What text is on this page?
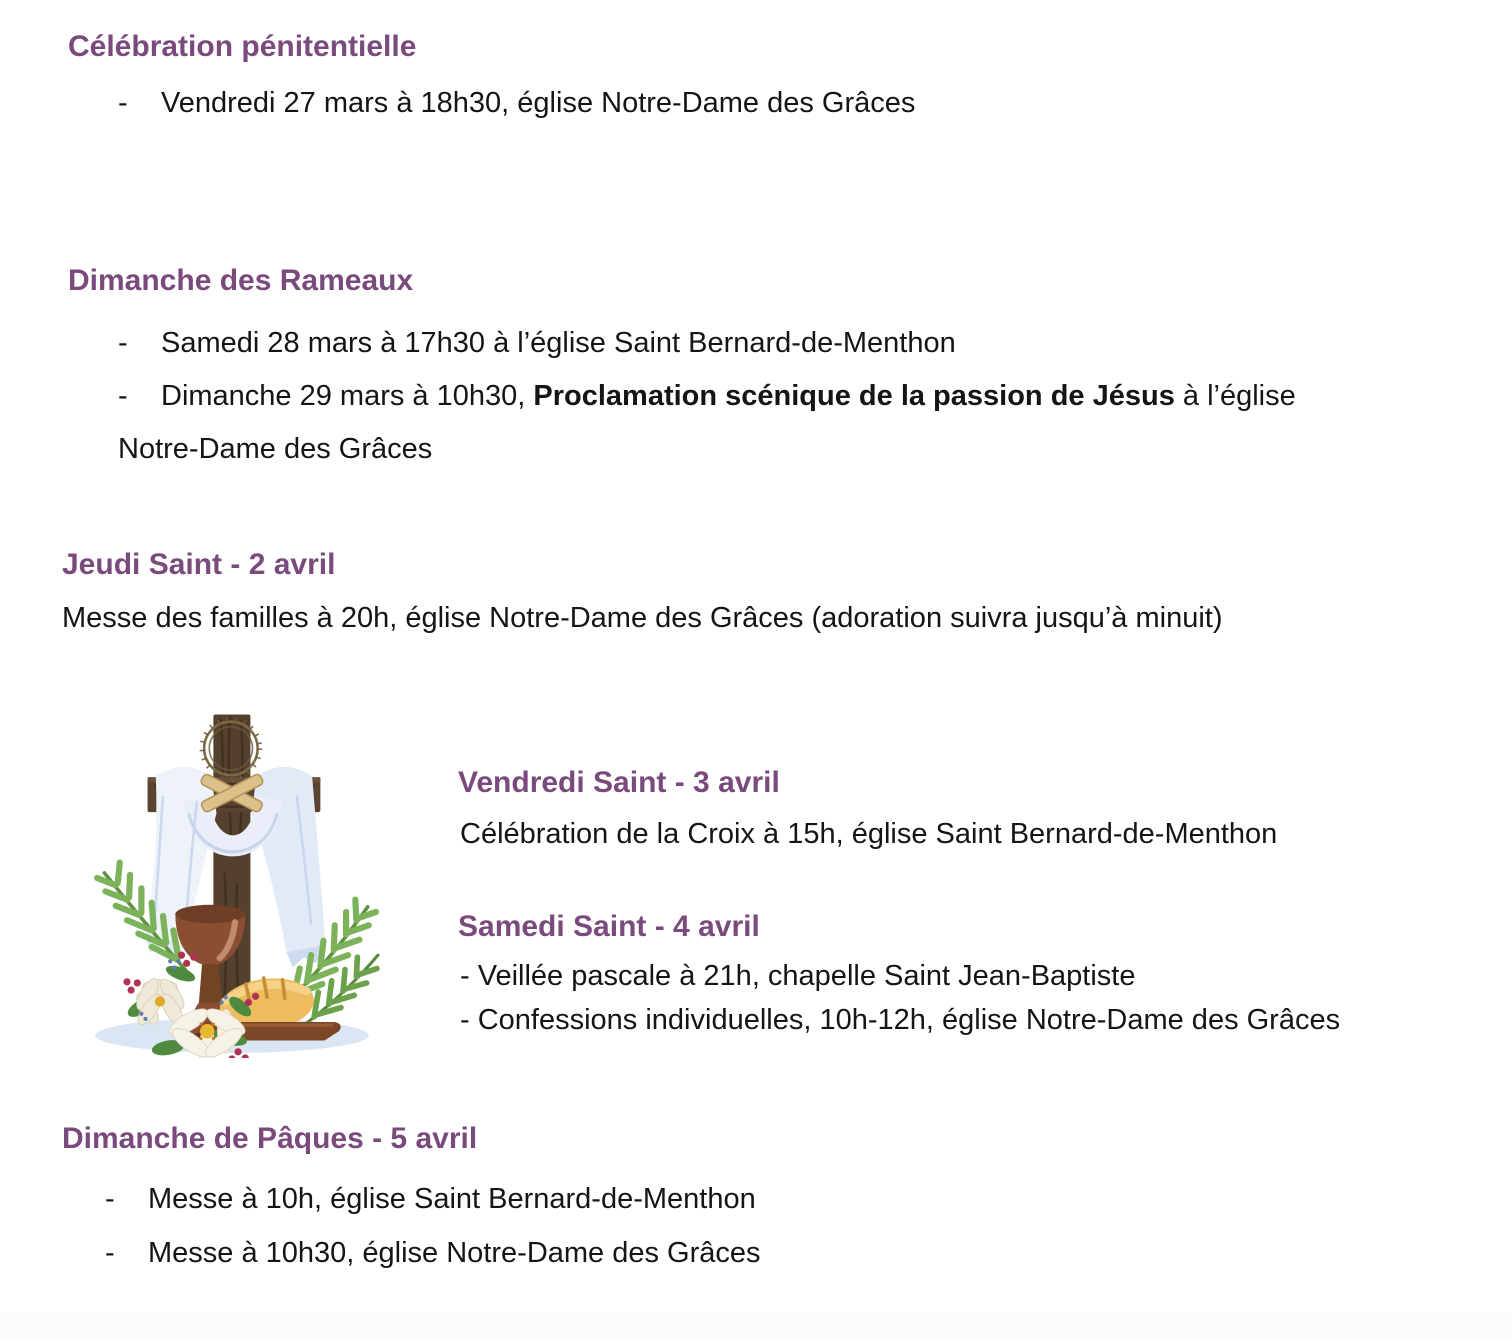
Célébration pénitentielle
- Vendredi 27 mars à 18h30, église Notre-Dame des Grâces
Dimanche des Rameaux
- Samedi 28 mars à 17h30 à l’église Saint Bernard-de-Menthon
- Dimanche 29 mars à 10h30, Proclamation scénique de la passion de Jésus à l’église
Notre-Dame des Grâces
Jeudi Saint - 2 avril
Messe des familles à 20h, église Notre-Dame des Grâces (adoration suivra jusqu’à minuit)
Vendredi Saint - 3 avril
Célébration de la Croix à 15h, église Saint Bernard-de-Menthon
Samedi Saint - 4 avril
- Veillée pascale à 21h, chapelle Saint Jean-Baptiste
- Confessions individuelles, 10h-12h, église Notre-Dame des Grâces
Dimanche de Pâques - 5 avril
- Messe à 10h, église Saint Bernard-de-Menthon
- Messe à 10h30, église Notre-Dame des Grâces
